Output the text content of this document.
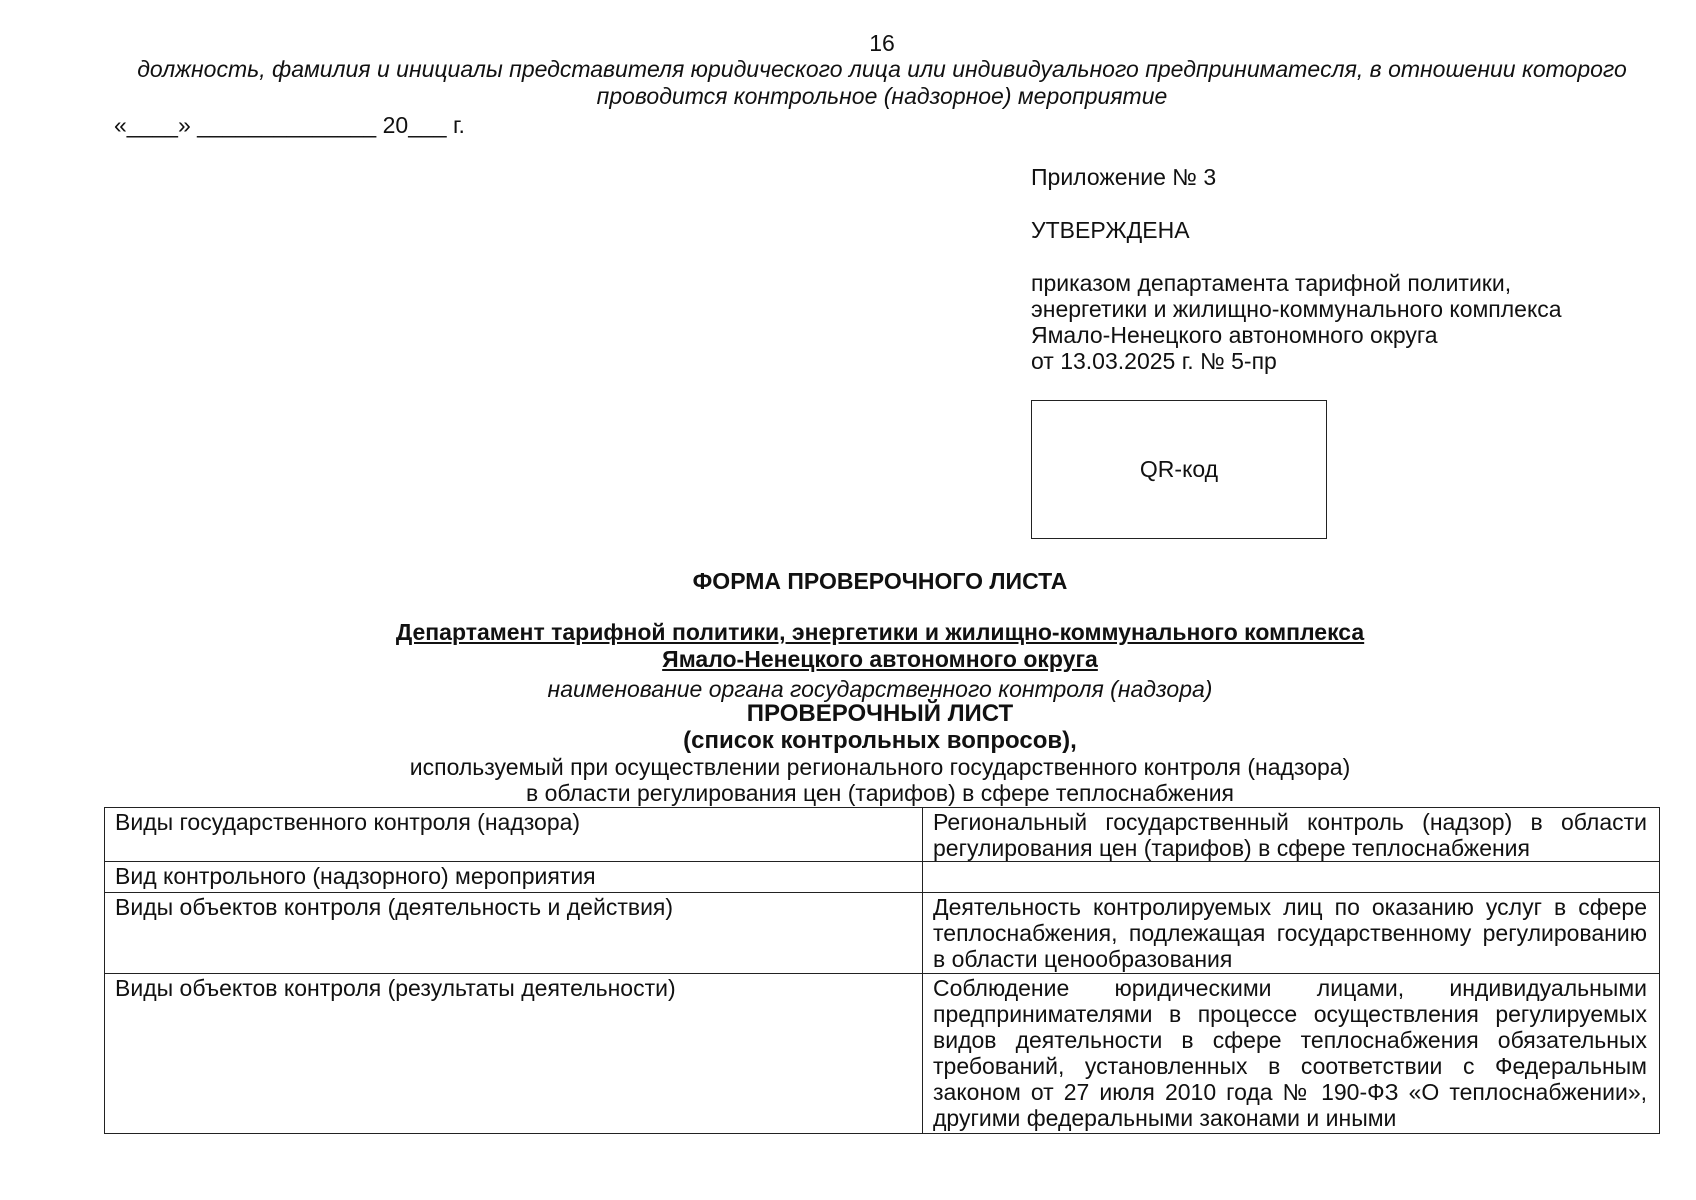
16
должность, фамилия и инициалы представителя юридического лица или индивидуального предприниматеcля, в отношении которого проводится контрольное (надзорное) мероприятие
«____» ______________ 20___ г.

Приложение № 3

УТВЕРЖДЕНА

приказом департамента тарифной политики,
энергетики и жилищно-коммунального комплекса
Ямало-Ненецкого автономного округа
от 13.03.2025 г. № 5-пр
QR-код
ФОРМА ПРОВЕРОЧНОГО ЛИСТА
Департамент тарифной политики, энергетики и жилищно-коммунального комплекса
Ямало-Ненецкого автономного округа
наименование органа государственного контроля (надзора)
ПРОВЕРОЧНЫЙ ЛИСТ
(список контрольных вопросов),
используемый при осуществлении регионального государственного контроля (надзора)
в области регулирования цен (тарифов) в сфере теплоснабжения
Виды государственного контроля (надзора)	Региональный государственный контроль (надзор) в области регулирования цен (тарифов) в сфере теплоснабжения
Вид контрольного (надзорного) мероприятия	
Виды объектов контроля (деятельность и действия)	Деятельность контролируемых лиц по оказанию услуг в сфере теплоснабжения, подлежащая государственному регулированию в области ценообразования
Виды объектов контроля (результаты деятельности)	Соблюдение юридическими лицами, индивидуальными предпринимателями в процессе осуществления регулируемых видов деятельности в сфере теплоснабжения обязательных требований, установленных в соответствии с Федеральным законом от 27 июля 2010 года № 190-ФЗ «О теплоснабжении», другими федеральными законами и иными
